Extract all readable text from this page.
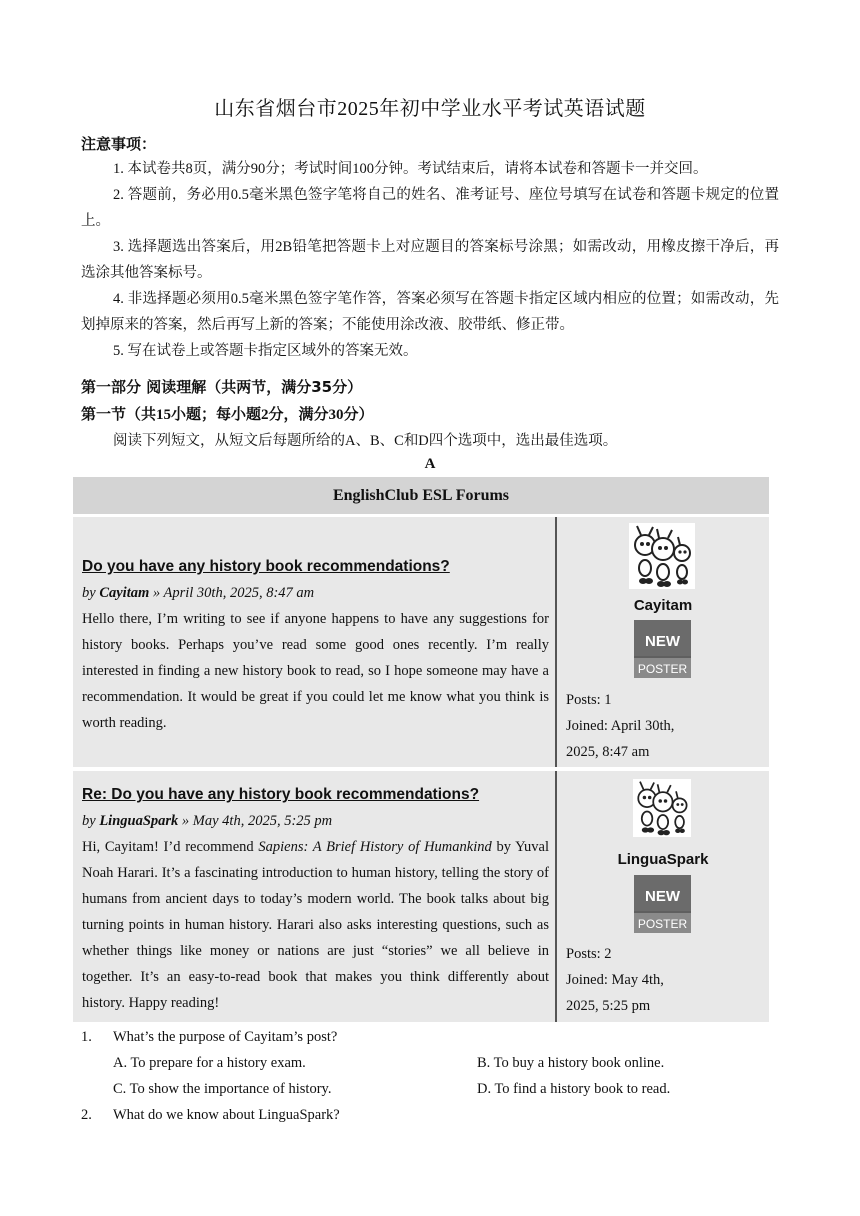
山东省烟台市2025年初中学业水平考试英语试题
注意事项：

1. 本试卷共8页，满分90分；考试时间100分钟。考试结束后，请将本试卷和答题卡一并交回。

2. 答题前，务必用0.5毫米黑色签字笔将自己的姓名、准考证号、座位号填写在试卷和答题卡规定的位置上。

3. 选择题选出答案后，用2B铅笔把答题卡上对应题目的答案标号涂黑；如需改动，用橡皮擦干净后，再选涂其他答案标号。

4. 非选择题必须用0.5毫米黑色签字笔作答，答案必须写在答题卡指定区域内相应的位置；如需改动，先划掉原来的答案，然后再写上新的答案；不能使用涂改液、胶带纸、修正带。

5. 写在试卷上或答题卡指定区域外的答案无效。

第一部分 阅读理解（共两节，满分35分）
第一节（共15小题；每小题2分，满分30分）
阅读下列短文，从短文后每题所给的A、B、C和D四个选项中，选出最佳选项。
A
EnglishClub ESL Forums
Do you have any history book recommendations?
by Cayitam » April 30th, 2025, 8:47 am

Hello there, I’m writing to see if anyone happens to have any suggestions for history books. Perhaps you’ve read some good ones recently. I’m really interested in finding a new history book to read, so I hope someone may have a recommendation. It would be great if you could let me know what you think is worth reading.

Cayitam
NEW
POSTER
Posts: 1
Joined: April 30th,
2025, 8:47 am
Re: Do you have any history book recommendations?
by LinguaSpark » May 4th, 2025, 5:25 pm

Hi, Cayitam! I’d recommend Sapiens: A Brief History of Humankind by Yuval Noah Harari. It’s a fascinating introduction to human history, telling the story of humans from ancient days to today’s modern world. The book talks about big turning points in human history. Harari also asks interesting questions, such as whether things like money or nations are just “stories” we all believe in together. It’s an easy-to-read book that makes you think differently about history. Happy reading!

LinguaSpark
NEW
POSTER
Posts: 2
Joined: May 4th,
2025, 5:25 pm
1. What’s the purpose of Cayitam’s post?
A. To prepare for a history exam.	B. To buy a history book online.
C. To show the importance of history.	D. To find a history book to read.
2. What do we know about LinguaSpark?
